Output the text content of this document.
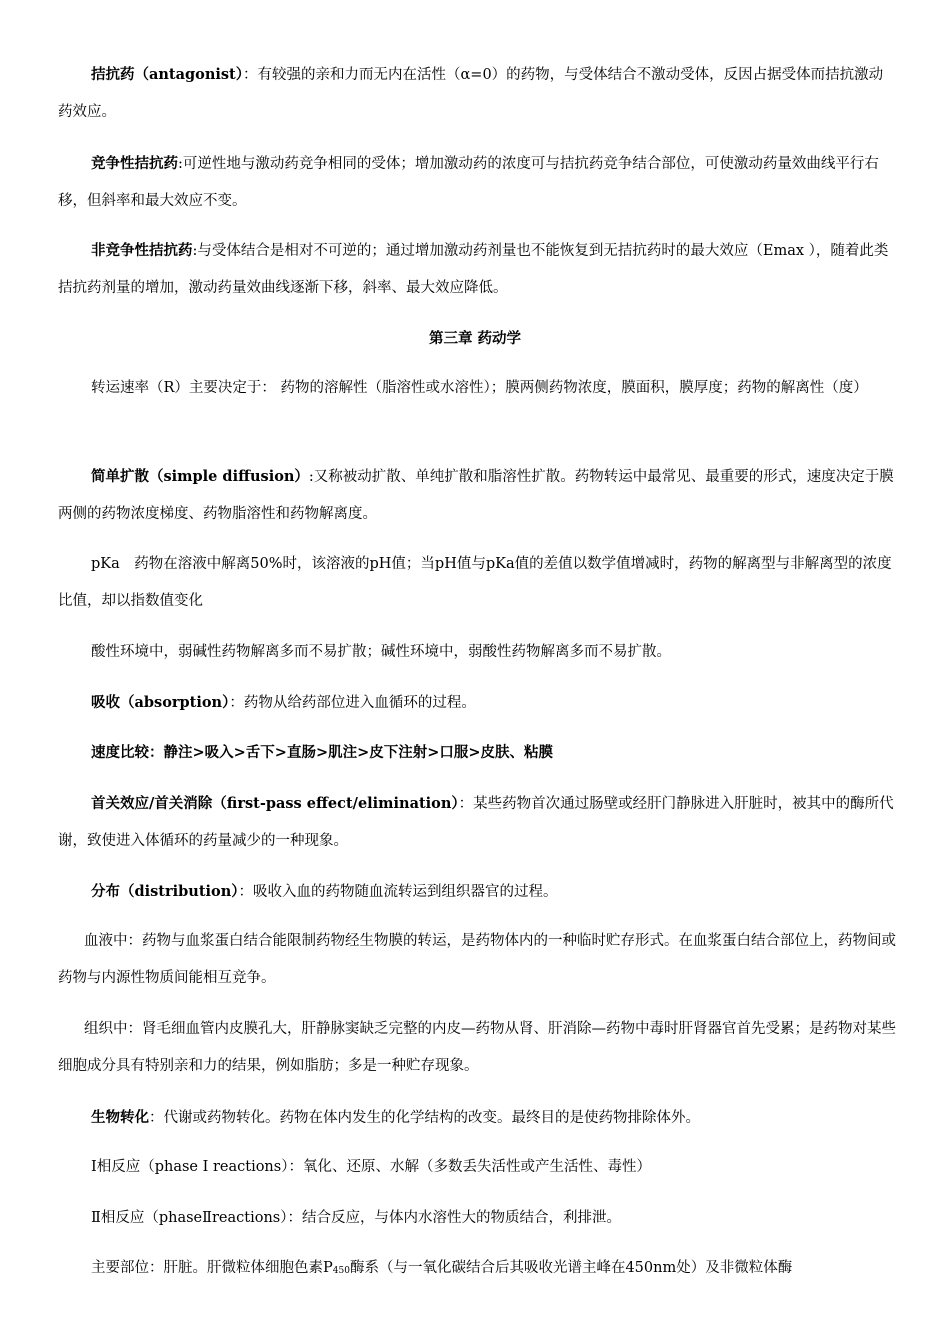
拮抗药（antagonist）：有较强的亲和力而无内在活性（α=0）的药物，与受体结合不激动受体，反因占据受体而拮抗激动药效应。

竞争性拮抗药:可逆性地与激动药竞争相同的受体；增加激动药的浓度可与拮抗药竞争结合部位，可使激动药量效曲线平行右移，但斜率和最大效应不变。

非竞争性拮抗药:与受体结合是相对不可逆的；通过增加激动药剂量也不能恢复到无拮抗药时的最大效应（Emax ），随着此类拮抗药剂量的增加，激动药量效曲线逐渐下移，斜率、最大效应降低。

第三章 药动学

转运速率（R）主要决定于： 药物的溶解性（脂溶性或水溶性）；膜两侧药物浓度，膜面积，膜厚度；药物的解离性（度）

简单扩散（simple diffusion）:又称被动扩散、单纯扩散和脂溶性扩散。药物转运中最常见、最重要的形式，速度决定于膜两侧的药物浓度梯度、药物脂溶性和药物解离度。

pKa　药物在溶液中解离50%时，该溶液的pH值；当pH值与pKa值的差值以数学值增减时，药物的解离型与非解离型的浓度比值，却以指数值变化

酸性环境中，弱碱性药物解离多而不易扩散；碱性环境中，弱酸性药物解离多而不易扩散。

吸收（absorption）：药物从给药部位进入血循环的过程。

速度比较：静注>吸入>舌下>直肠>肌注>皮下注射>口服>皮肤、粘膜

首关效应/首关消除（first-pass effect/elimination）：某些药物首次通过肠壁或经肝门静脉进入肝脏时，被其中的酶所代谢，致使进入体循环的药量减少的一种现象。

分布（distribution）：吸收入血的药物随血流转运到组织器官的过程。

血液中：药物与血浆蛋白结合能限制药物经生物膜的转运，是药物体内的一种临时贮存形式。在血浆蛋白结合部位上，药物间或药物与内源性物质间能相互竞争。

组织中：肾毛细血管内皮膜孔大，肝静脉窦缺乏完整的内皮—药物从肾、肝消除—药物中毒时肝肾器官首先受累；是药物对某些细胞成分具有特别亲和力的结果，例如脂肪；多是一种贮存现象。

生物转化：代谢或药物转化。药物在体内发生的化学结构的改变。最终目的是使药物排除体外。

Ⅰ相反应（phase Ⅰ reactions）：氧化、还原、水解（多数丢失活性或产生活性、毒性）

Ⅱ相反应（phaseⅡreactions）：结合反应，与体内水溶性大的物质结合，利排泄。

主要部位：肝脏。肝微粒体细胞色素$P_{450}$酶系（与一氧化碳结合后其吸收光谱主峰在450nm处）及非微粒体酶
